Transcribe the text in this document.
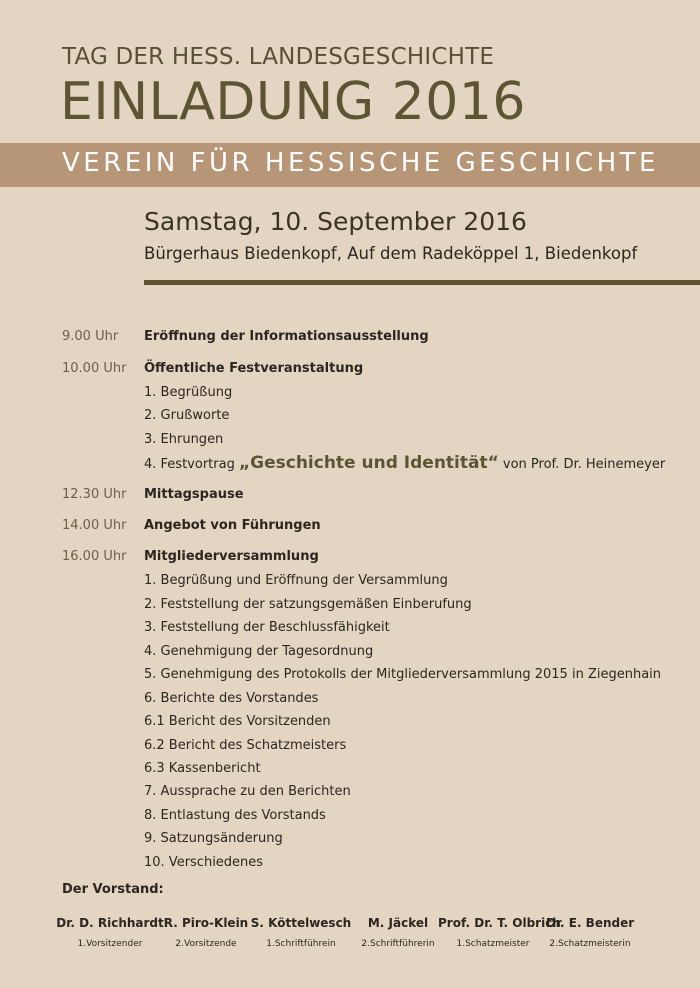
TAG DER HESS. LANDESGESCHICHTE
EINLADUNG 2016
VEREIN FÜR HESSISCHE GESCHICHTE
Samstag, 10. September 2016
Bürgerhaus Biedenkopf, Auf dem Radeköppel 1, Biedenkopf
9.00 Uhr	Eröffnung der Informationsausstellung
10.00 Uhr Öffentliche Festveranstaltung
1. Begrüßung
2. Grußworte
3. Ehrungen
4. Festvortrag „Geschichte und Identität“ von Prof. Dr. Heinemeyer
12.30 Uhr Mittagspause
14.00 Uhr Angebot von Führungen
16.00 Uhr Mitgliederversammlung
1. Begrüßung und Eröffnung der Versammlung
2. Feststellung der satzungsgemäßen Einberufung
3. Feststellung der Beschlussfähigkeit
4. Genehmigung der Tagesordnung
5. Genehmigung des Protokolls der Mitgliederversammlung 2015 in Ziegenhain
6. Berichte des Vorstandes
6.1 Bericht des Vorsitzenden
6.2 Bericht des Schatzmeisters
6.3 Kassenbericht
7. Aussprache zu den Berichten
8. Entlastung des Vorstands
9. Satzungsänderung
10. Verschiedenes
Der Vorstand:
Dr. D. Richhardt
1.Vorsitzender
R. Piro-Klein
2.Vorsitzende
S. Köttelwesch
1.Schriftführein
M. Jäckel
2.Schriftführerin
Prof. Dr. T. Olbrich
1.Schatzmeister
Dr. E. Bender
2.Schatzmeisterin
